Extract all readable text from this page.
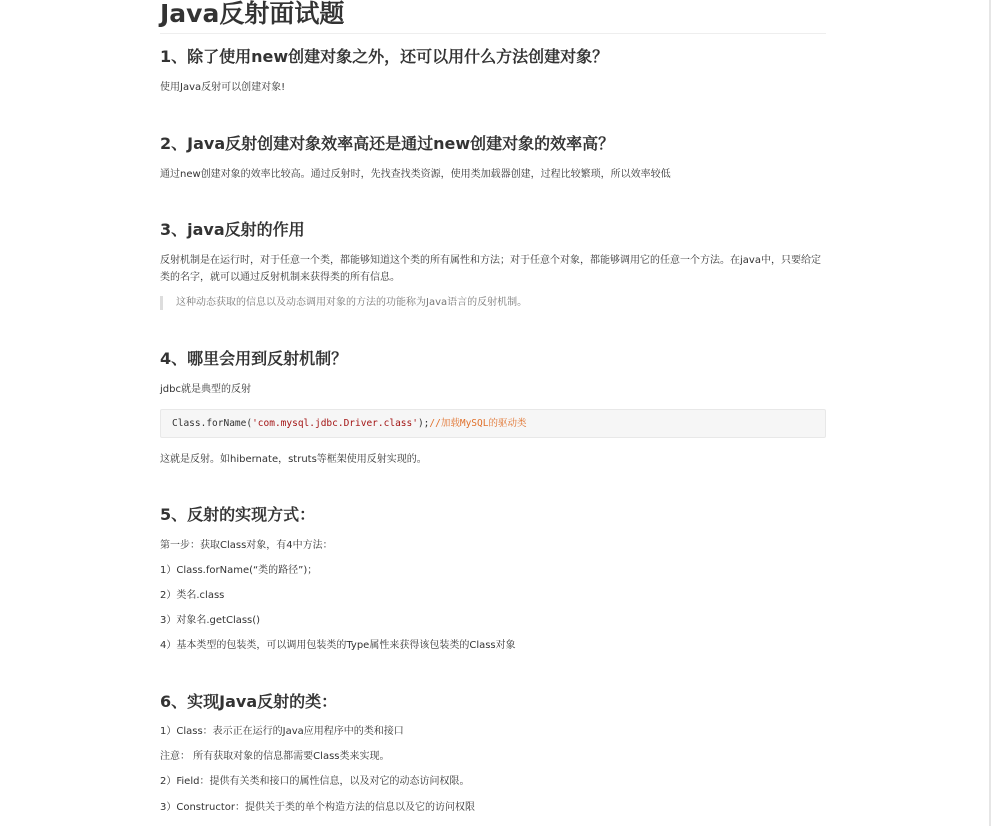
Java反射面试题
1、除了使用new创建对象之外，还可以用什么方法创建对象？

使用Java反射可以创建对象!

2、Java反射创建对象效率高还是通过new创建对象的效率高？

通过new创建对象的效率比较高。通过反射时，先找查找类资源，使用类加载器创建，过程比较繁琐，所以效率较低

3、java反射的作用

反射机制是在运行时，对于任意一个类，都能够知道这个类的所有属性和方法；对于任意个对象，都能够调用它的任意一个方法。在java中，只要给定类的名字，就可以通过反射机制来获得类的所有信息。

这种动态获取的信息以及动态调用对象的方法的功能称为Java语言的反射机制。
4、哪里会用到反射机制？

jdbc就是典型的反射

Class.forName('com.mysql.jdbc.Driver.class');//加载MySQL的驱动类

这就是反射。如hibernate，struts等框架使用反射实现的。

5、反射的实现方式：

第一步：获取Class对象，有4中方法：

1）Class.forName(“类的路径”)；

2）类名.class

3）对象名.getClass()

4）基本类型的包装类，可以调用包装类的Type属性来获得该包装类的Class对象

6、实现Java反射的类：

1）Class：表示正在运行的Java应用程序中的类和接口

注意： 所有获取对象的信息都需要Class类来实现。

2）Field：提供有关类和接口的属性信息，以及对它的动态访问权限。

3）Constructor：提供关于类的单个构造方法的信息以及它的访问权限
